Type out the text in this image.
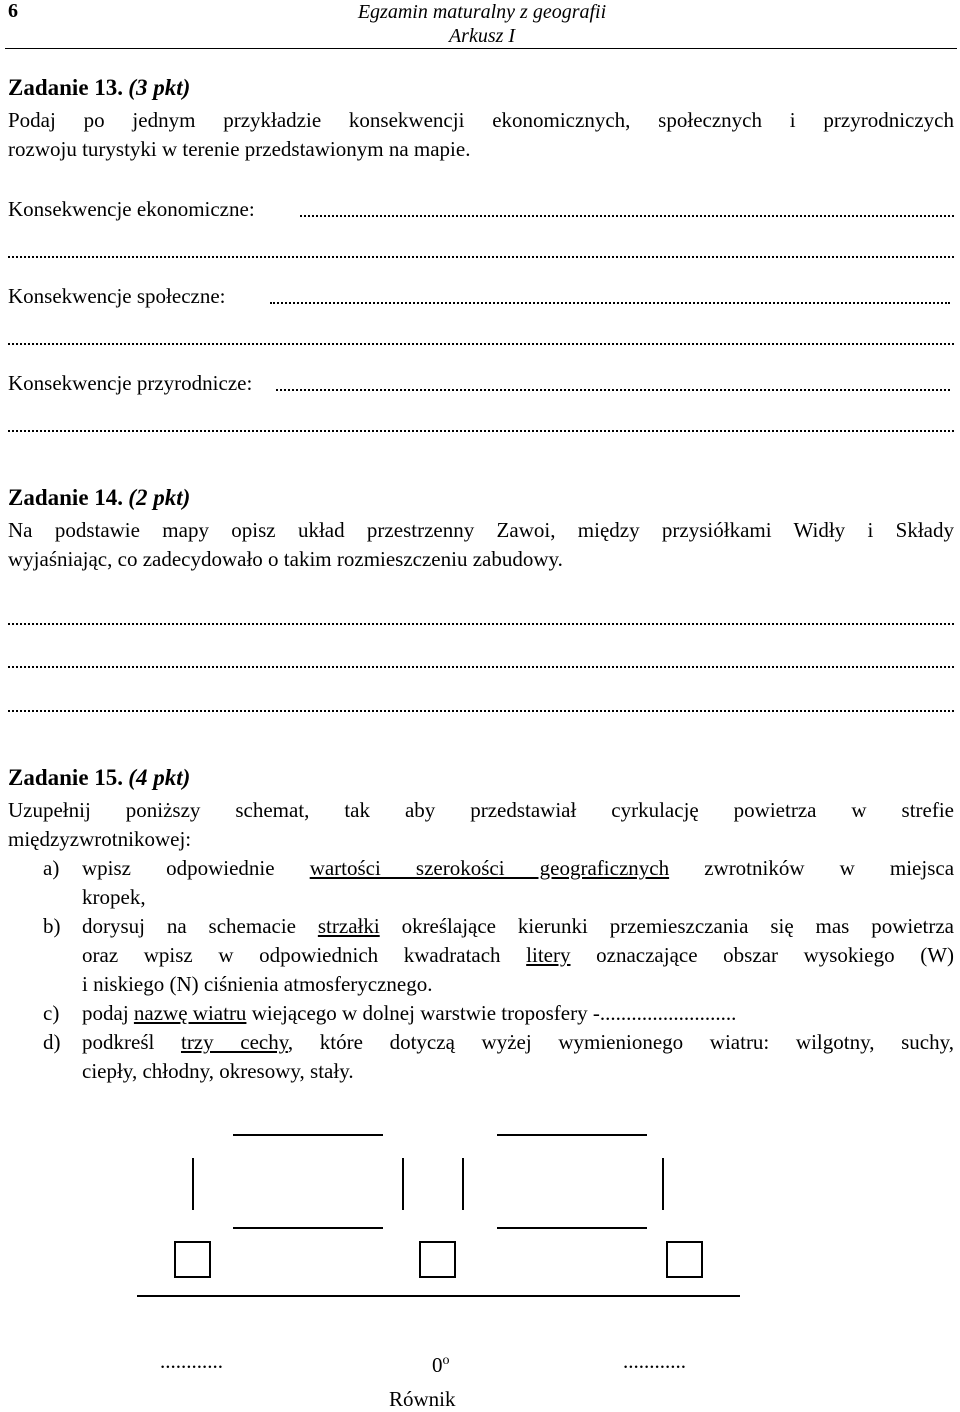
6	Egzamin maturalny z geografii
Arkusz I
Zadanie 13. (3 pkt)
Podaj po jednym przykładzie konsekwencji ekonomicznych, społecznych i przyrodniczych
rozwoju turystyki w terenie przedstawionym na mapie.
Konsekwencje ekonomiczne:
Konsekwencje społeczne:
Konsekwencje przyrodnicze:
Zadanie 14. (2 pkt)
Na podstawie mapy opisz układ przestrzenny Zawoi, między przysiółkami Widły i Składy
wyjaśniając, co zadecydowało o takim rozmieszczeniu zabudowy.
Zadanie 15. (4 pkt)
Uzupełnij poniższy schemat, tak aby przedstawiał cyrkulację powietrza w strefie
międzyzwrotnikowej:
a) wpisz odpowiednie wartości szerokości geograficznych zwrotników w miejsca
kropek,
b) dorysuj na schemacie strzałki określające kierunki przemieszczania się mas powietrza
oraz wpisz w odpowiednich kwadratach litery oznaczające obszar wysokiego (W)
i niskiego (N) ciśnienia atmosferycznego.
c) podaj nazwę wiatru wiejącego w dolnej warstwie troposfery -..........................
d) podkreśl trzy cechy, które dotyczą wyżej wymienionego wiatru: wilgotny, suchy,
ciepły, chłodny, okresowy, stały.
............	0$^o$	............
Równik
